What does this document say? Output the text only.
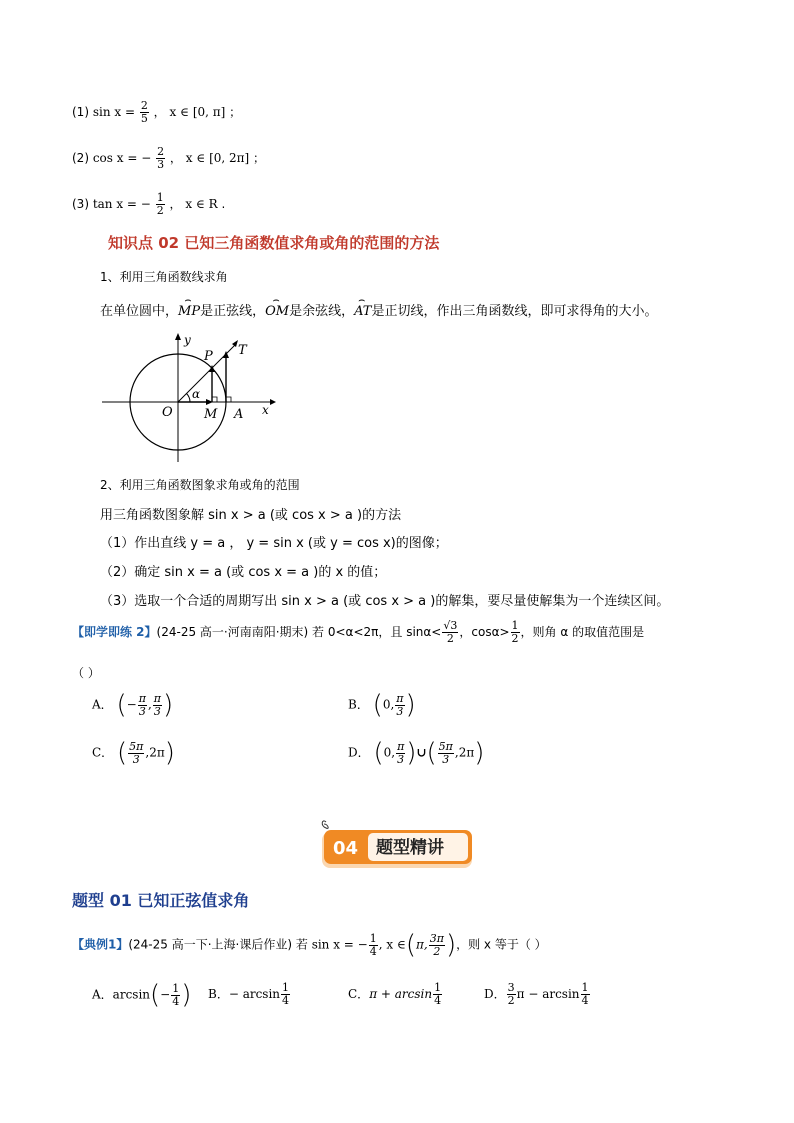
(1) $\sin x = \frac{2}{5}$ ， x ∈ [0, π] ；
(2) cos x = − $\frac{2}{3}$ ， x ∈ [0, 2π] ；
(3) tan x = − $\frac{1}{2}$ ， x ∈ R .
知识点 02 已知三角函数值求角或角的范围的方法
1、利用三角函数线求角
在单位圆中，⌢ MP是正弦线，⌢ OM是余弦线，⌢ AT是正切线，作出三角函数线，即可求得角的大小。
y
x
P T
O M A
α
2、利用三角函数图象求角或角的范围
用三角函数图象解 sin x > a (或 cos x > a )的方法
（1）作出直线 y = a ， y = sin x (或 y = cos x)的图像；
（2）确定 sin x = a (或 cos x = a )的 x 的值；
（3）选取一个合适的周期写出 sin x > a (或 cos x > a )的解集，要尽量使解集为一个连续区间。
【即学即练 2】(24-25 高一·河南南阳·期末) 若 0<α<2π，且 $\sin\alpha< \frac{√3}{2}$ ，$\cos\alpha> \frac{1}{2}$ ，则角 α 的取值范围是
（ ）
A． (− $\frac{\pi}{3}$ , $\frac{\pi}{3}$ )	B． (0, $\frac{\pi}{3}$ )
C． ( $\frac{5\pi}{3} ,2\pi$)	D． (0, $\frac{\pi}{3}$ )∪( $\frac{5\pi}{3} ,2\pi$)
04 题型精讲
题型 01 已知正弦值求角
【典例1】(24-25 高一下·上海·课后作业) 若 sin x = − $\frac{1}{4}$ , x ∈(π, $\frac{3\pi}{2}$ )，则 x 等于（ ）
A．$\arcsin(- \frac{1}{4}$ ) B．− $\arcsin \frac{1}{4}$	C．$\pi + \arcsin \frac{1}{4}$	D． $\frac{3}{2}$ $\pi - \arcsin \frac{1}{4}$
